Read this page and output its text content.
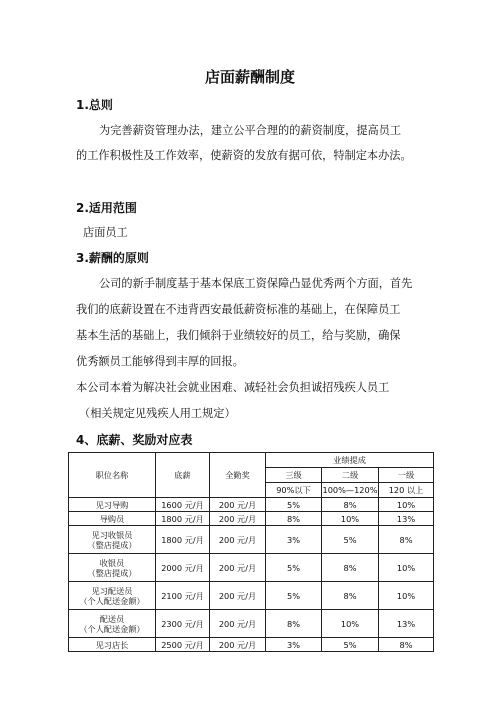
店面薪酬制度
1.总则
为完善薪资管理办法，建立公平合理的的薪资制度，提高员工
的工作积极性及工作效率，使薪资的发放有据可依，特制定本办法。
2.适用范围
店面员工
3.薪酬的原则
公司的新手制度基于基本保底工资保障凸显优秀两个方面，首先
我们的底薪设置在不违背西安最低薪资标准的基础上，在保障员工
基本生活的基础上，我们倾斜于业绩较好的员工，给与奖励，确保
优秀额员工能够得到丰厚的回报。
本公司本着为解决社会就业困难、减轻社会负担诚招残疾人员工
（相关规定见残疾人用工规定）
4、底薪、奖励对应表
职位名称	底薪	全勤奖	业绩提成		
			三级	二级	一级
			90%以下	100%—120%	120 以上

见习导购	1600 元/月	200 元/月	5%	8%	10%

导购员	1800 元/月	200 元/月	8%	10%	13%

见习收银员
（整店提成）	1800 元/月	200 元/月	3%	5%	8%

收银员
（整店提成）	2000 元/月	200 元/月	5%	8%	10%

见习配送员
（个人配送金额）	2100 元/月	200 元/月	5%	8%	10%

配送员
（个人配送金额）	2300 元/月	200 元/月	8%	10%	13%

见习店长	2500 元/月	200 元/月	3%	5%	8%
